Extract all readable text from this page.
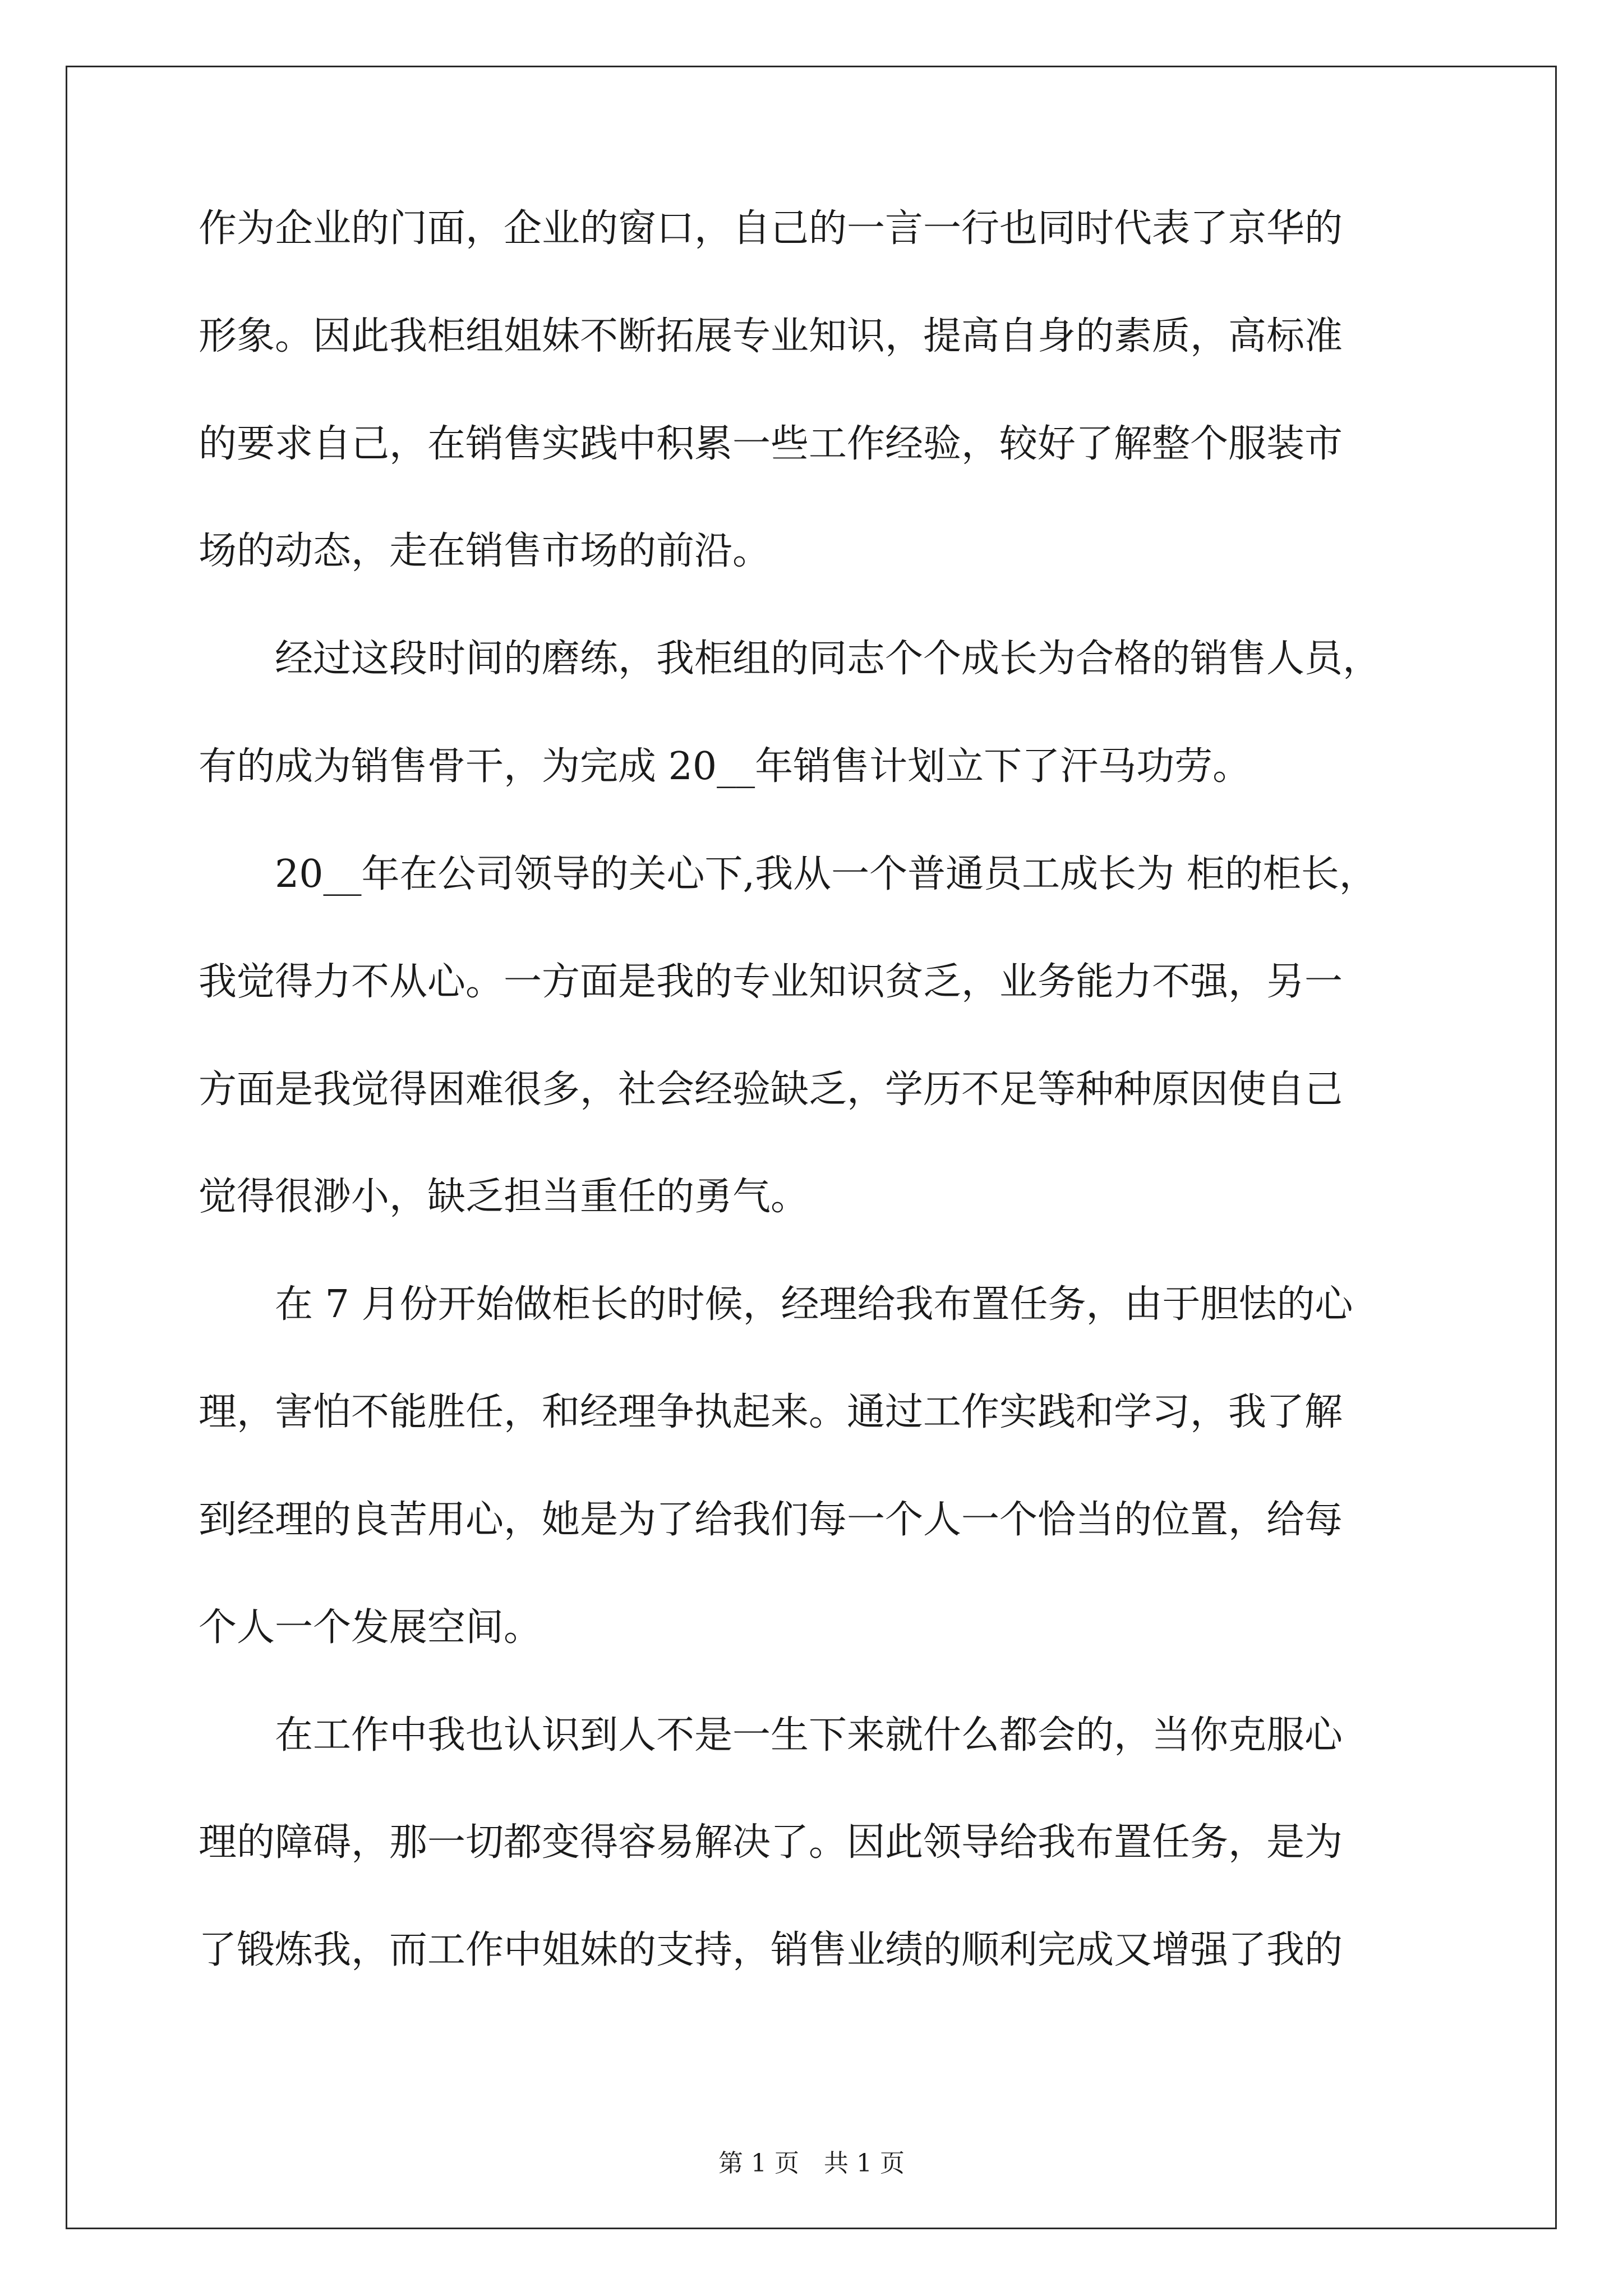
作为企业的门面，企业的窗口，自己的一言一行也同时代表了京华的
形象。因此我柜组姐妹不断拓展专业知识，提高自身的素质，高标准
的要求自己，在销售实践中积累一些工作经验，较好了解整个服装市
场的动态，走在销售市场的前沿。
　　经过这段时间的磨练，我柜组的同志个个成长为合格的销售人员，
有的成为销售骨干，为完成 20__年销售计划立下了汗马功劳。
　　20__年在公司领导的关心下,我从一个普通员工成长为 柜的柜长，
我觉得力不从心。一方面是我的专业知识贫乏，业务能力不强，另一
方面是我觉得困难很多，社会经验缺乏，学历不足等种种原因使自己
觉得很渺小，缺乏担当重任的勇气。
　　在 7 月份开始做柜长的时候，经理给我布置任务，由于胆怯的心
理，害怕不能胜任，和经理争执起来。通过工作实践和学习，我了解
到经理的良苦用心，她是为了给我们每一个人一个恰当的位置，给每
个人一个发展空间。
　　在工作中我也认识到人不是一生下来就什么都会的，当你克服心
理的障碍，那一切都变得容易解决了。因此领导给我布置任务，是为
了锻炼我，而工作中姐妹的支持，销售业绩的顺利完成又增强了我的
第 1 页　共 1 页
